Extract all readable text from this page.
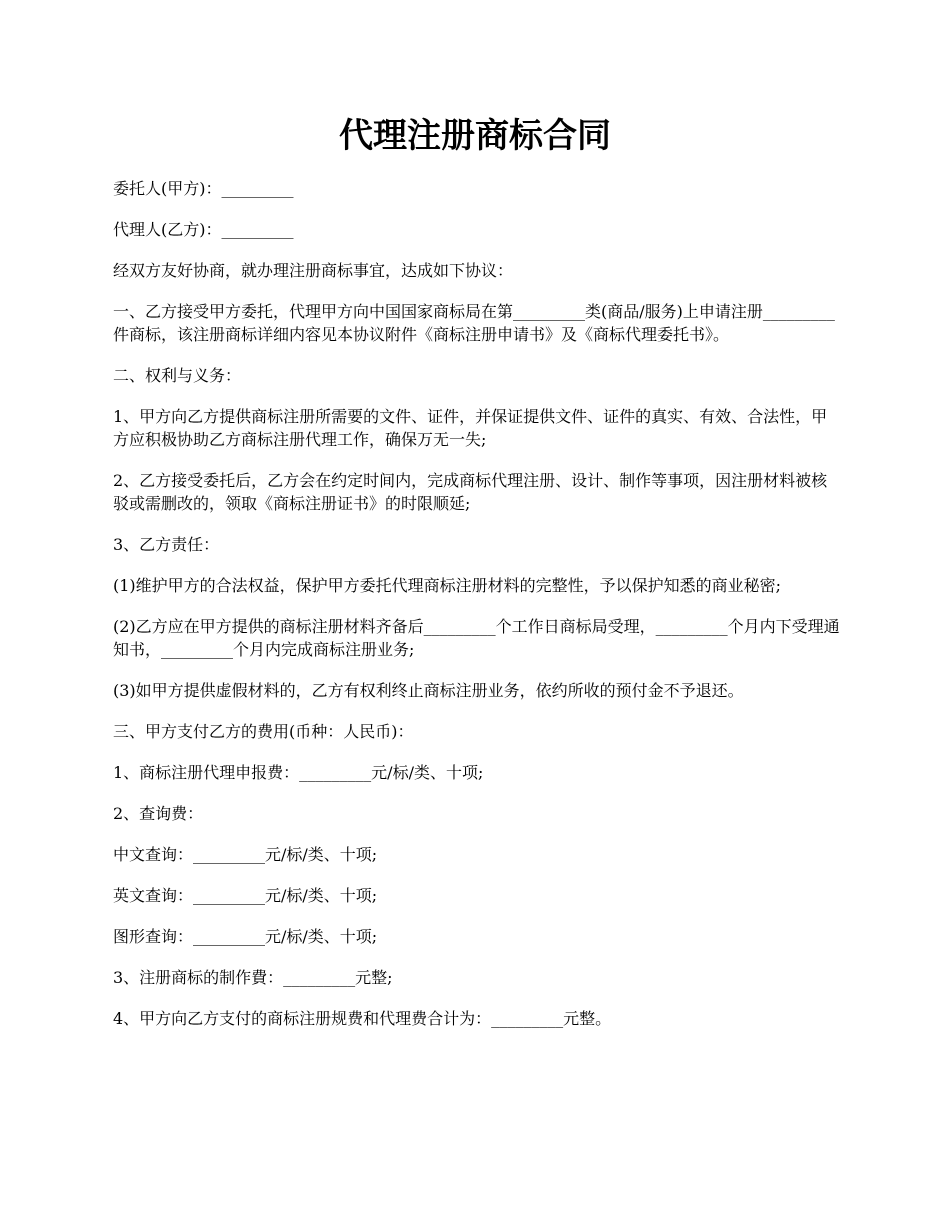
代理注册商标合同

委托人(甲方)：_________

代理人(乙方)：_________

经双方友好协商，就办理注册商标事宜，达成如下协议：

一、乙方接受甲方委托，代理甲方向中国国家商标局在第_________类(商品/服务)上申请注册_________件商标，该注册商标详细内容见本协议附件《商标注册申请书》及《商标代理委托书》。

二、权利与义务：

1、甲方向乙方提供商标注册所需要的文件、证件，并保证提供文件、证件的真实、有效、合法性，甲方应积极协助乙方商标注册代理工作，确保万无一失;

2、乙方接受委托后，乙方会在约定时间内，完成商标代理注册、设计、制作等事项，因注册材料被核驳或需删改的，领取《商标注册证书》的时限顺延;

3、乙方责任：

(1)维护甲方的合法权益，保护甲方委托代理商标注册材料的完整性，予以保护知悉的商业秘密;

(2)乙方应在甲方提供的商标注册材料齐备后_________个工作日商标局受理，_________个月内下受理通知书，_________个月内完成商标注册业务;

(3)如甲方提供虚假材料的，乙方有权利终止商标注册业务，依约所收的预付金不予退还。

三、甲方支付乙方的费用(币种：人民币)：

1、商标注册代理申报费：_________元/标/类、十项;

2、查询费：

中文查询：_________元/标/类、十项;

英文查询：_________元/标/类、十项;

图形查询：_________元/标/类、十项;

3、注册商标的制作費：_________元整;

4、甲方向乙方支付的商标注册规费和代理费合计为：_________元整。
